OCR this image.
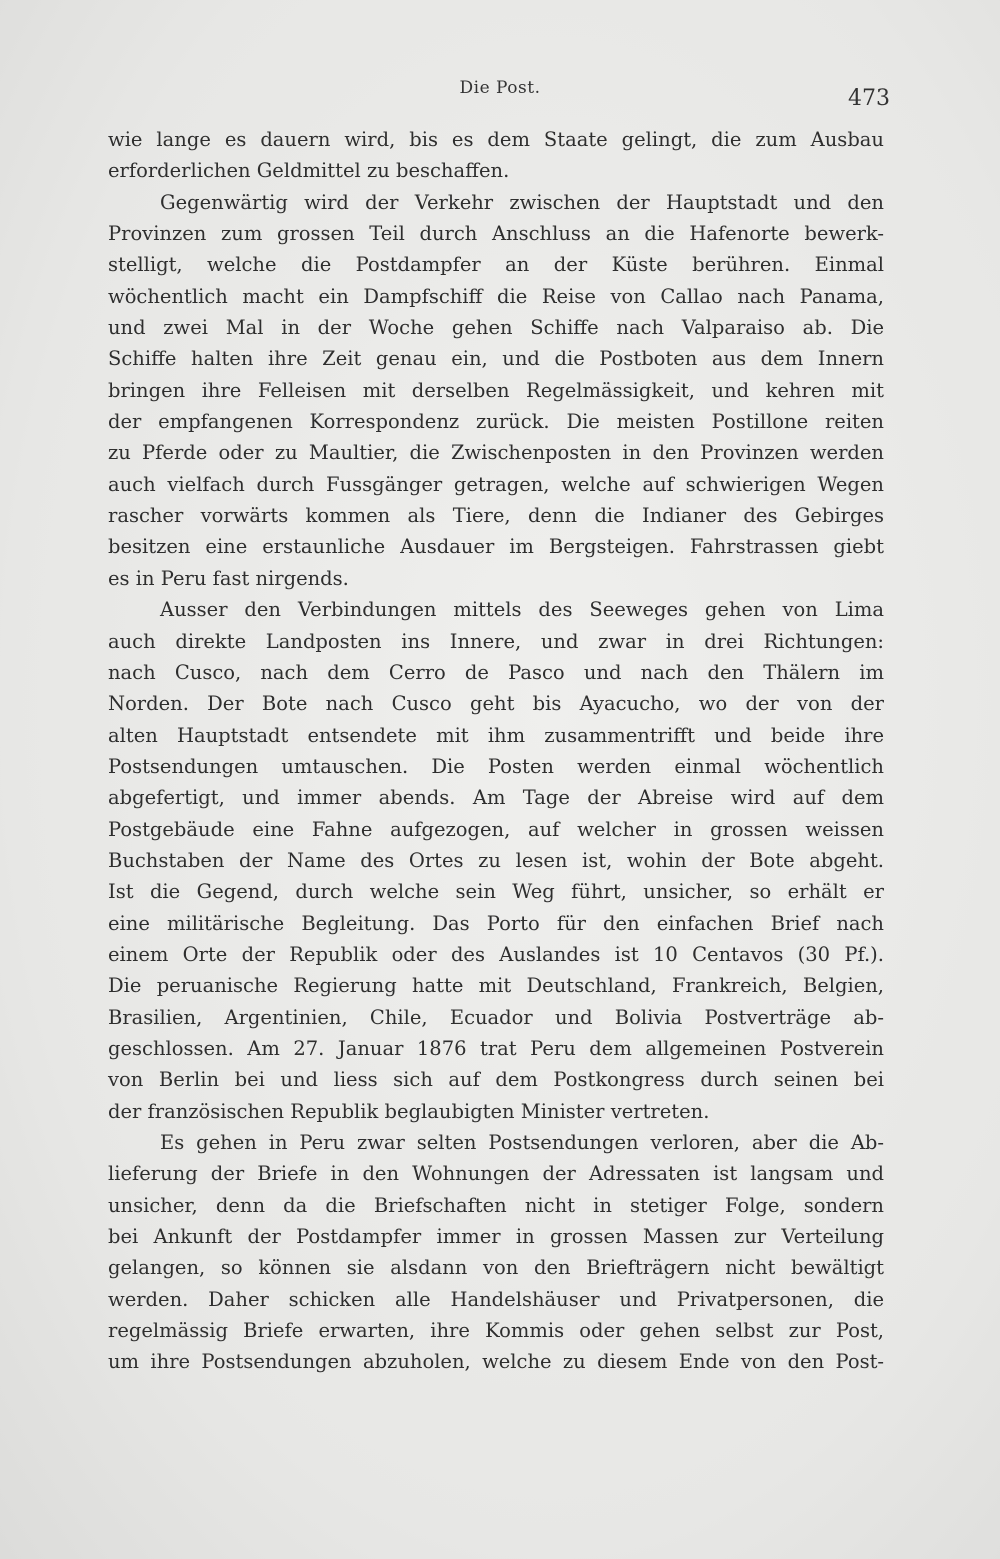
Die Post.	473
wie lange es dauern wird, bis es dem Staate gelingt, die zum Ausbau
erforderlichen Geldmittel zu beschaffen.
Gegenwärtig wird der Verkehr zwischen der Hauptstadt und den
Provinzen zum grossen Teil durch Anschluss an die Hafenorte bewerk-
stelligt, welche die Postdampfer an der Küste berühren. Einmal
wöchentlich macht ein Dampfschiff die Reise von Callao nach Panama,
und zwei Mal in der Woche gehen Schiffe nach Valparaiso ab. Die
Schiffe halten ihre Zeit genau ein, und die Postboten aus dem Innern
bringen ihre Felleisen mit derselben Regelmässigkeit, und kehren mit
der empfangenen Korrespondenz zurück. Die meisten Postillone reiten
zu Pferde oder zu Maultier, die Zwischenposten in den Provinzen werden
auch vielfach durch Fussgänger getragen, welche auf schwierigen Wegen
rascher vorwärts kommen als Tiere, denn die Indianer des Gebirges
besitzen eine erstaunliche Ausdauer im Bergsteigen. Fahrstrassen giebt
es in Peru fast nirgends.
Ausser den Verbindungen mittels des Seeweges gehen von Lima
auch direkte Landposten ins Innere, und zwar in drei Richtungen:
nach Cusco, nach dem Cerro de Pasco und nach den Thälern im
Norden. Der Bote nach Cusco geht bis Ayacucho, wo der von der
alten Hauptstadt entsendete mit ihm zusammentrifft und beide ihre
Postsendungen umtauschen. Die Posten werden einmal wöchentlich
abgefertigt, und immer abends. Am Tage der Abreise wird auf dem
Postgebäude eine Fahne aufgezogen, auf welcher in grossen weissen
Buchstaben der Name des Ortes zu lesen ist, wohin der Bote abgeht.
Ist die Gegend, durch welche sein Weg führt, unsicher, so erhält er
eine militärische Begleitung. Das Porto für den einfachen Brief nach
einem Orte der Republik oder des Auslandes ist 10 Centavos (30 Pf.).
Die peruanische Regierung hatte mit Deutschland, Frankreich, Belgien,
Brasilien, Argentinien, Chile, Ecuador und Bolivia Postverträge ab-
geschlossen. Am 27. Januar 1876 trat Peru dem allgemeinen Postverein
von Berlin bei und liess sich auf dem Postkongress durch seinen bei
der französischen Republik beglaubigten Minister vertreten.
Es gehen in Peru zwar selten Postsendungen verloren, aber die Ab-
lieferung der Briefe in den Wohnungen der Adressaten ist langsam und
unsicher, denn da die Briefschaften nicht in stetiger Folge, sondern
bei Ankunft der Postdampfer immer in grossen Massen zur Verteilung
gelangen, so können sie alsdann von den Briefträgern nicht bewältigt
werden. Daher schicken alle Handelshäuser und Privatpersonen, die
regelmässig Briefe erwarten, ihre Kommis oder gehen selbst zur Post,
um ihre Postsendungen abzuholen, welche zu diesem Ende von den Post-
